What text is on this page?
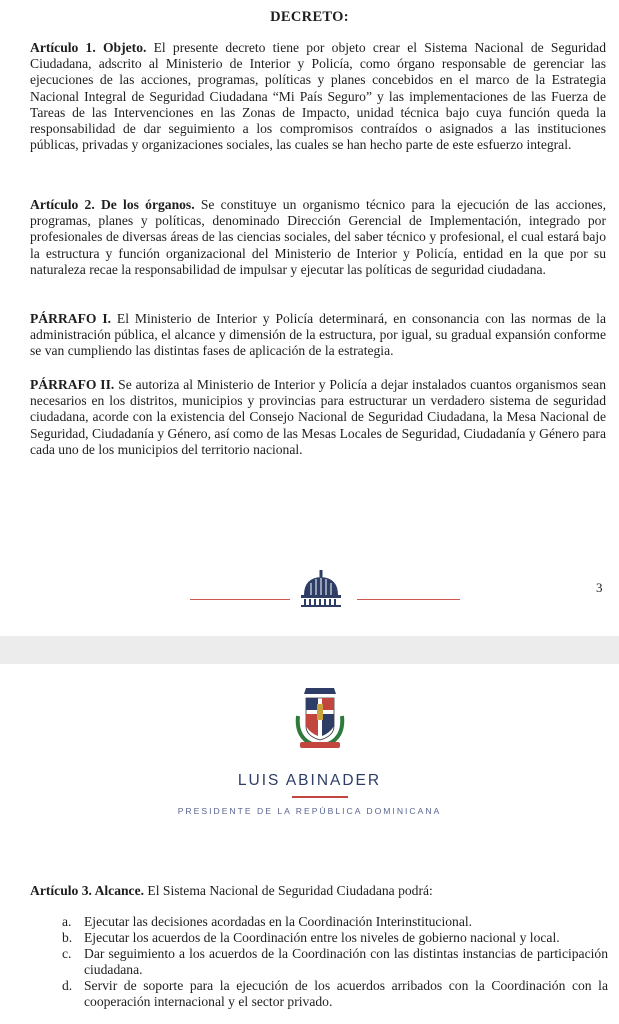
DECRETO:
Artículo 1. Objeto. El presente decreto tiene por objeto crear el Sistema Nacional de Seguridad Ciudadana, adscrito al Ministerio de Interior y Policía, como órgano responsable de gerenciar las ejecuciones de las acciones, programas, políticas y planes concebidos en el marco de la Estrategia Nacional Integral de Seguridad Ciudadana “Mi País Seguro” y las implementaciones de las Fuerza de Tareas de las Intervenciones en las Zonas de Impacto, unidad técnica bajo cuya función queda la responsabilidad de dar seguimiento a los compromisos contraídos o asignados a las instituciones públicas, privadas y organizaciones sociales, las cuales se han hecho parte de este esfuerzo integral.
Artículo 2. De los órganos. Se constituye un organismo técnico para la ejecución de las acciones, programas, planes y políticas, denominado Dirección Gerencial de Implementación, integrado por profesionales de diversas áreas de las ciencias sociales, del saber técnico y profesional, el cual estará bajo la estructura y función organizacional del Ministerio de Interior y Policía, entidad en la que por su naturaleza recae la responsabilidad de impulsar y ejecutar las políticas de seguridad ciudadana.
PÁRRAFO I. El Ministerio de Interior y Policía determinará, en consonancia con las normas de la administración pública, el alcance y dimensión de la estructura, por igual, su gradual expansión conforme se van cumpliendo las distintas fases de aplicación de la estrategia.
PÁRRAFO II. Se autoriza al Ministerio de Interior y Policía a dejar instalados cuantos organismos sean necesarios en los distritos, municipios y provincias para estructurar un verdadero sistema de seguridad ciudadana, acorde con la existencia del Consejo Nacional de Seguridad Ciudadana, la Mesa Nacional de Seguridad, Ciudadanía y Género, así como de las Mesas Locales de Seguridad, Ciudadanía y Género para cada uno de los municipios del territorio nacional.
3
LUIS ABINADER
PRESIDENTE DE LA REPÚBLICA DOMINICANA
Artículo 3. Alcance. El Sistema Nacional de Seguridad Ciudadana podrá:
a. Ejecutar las decisiones acordadas en la Coordinación Interinstitucional.
b. Ejecutar los acuerdos de la Coordinación entre los niveles de gobierno nacional y local.
c. Dar seguimiento a los acuerdos de la Coordinación con las distintas instancias de participación ciudadana.
d. Servir de soporte para la ejecución de los acuerdos arribados con la Coordinación con la cooperación internacional y el sector privado.
